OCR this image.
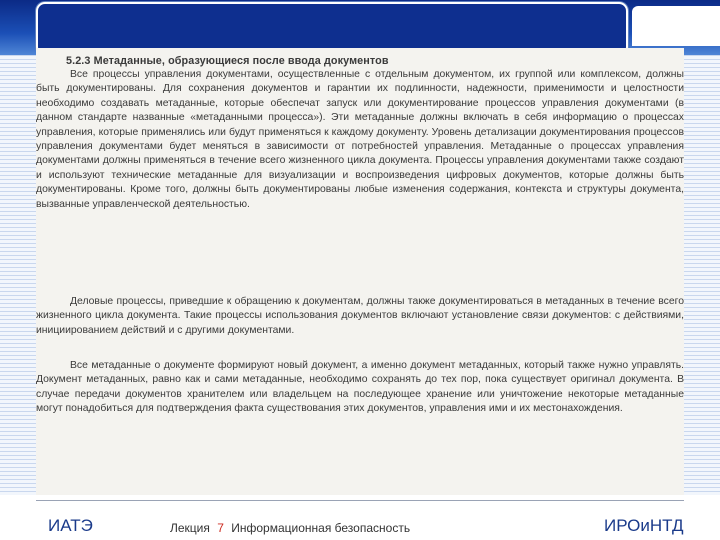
5.2.3 Метаданные, образующиеся после ввода документов

Все процессы управления документами, осуществленные с отдельным документом, их группой или комплексом, должны быть документированы. Для сохранения документов и гарантии их подлинности, надежности, применимости и целостности необходимо создавать метаданные, которые обеспечат запуск или документирование процессов управления документами (в данном стандарте названные «метаданными процесса»). Эти метаданные должны включать в себя информацию о процессах управления, которые применялись или будут применяться к каждому документу. Уровень детализации документирования процессов управления документами будет меняться в зависимости от потребностей управления. Метаданные о процессах управления документами должны применяться в течение всего жизненного цикла документа. Процессы управления документами также создают и используют технические метаданные для визуализации и воспроизведения цифровых документов, которые должны быть документированы. Кроме того, должны быть документированы любые изменения содержания, контекста и структуры документа, вызванные управленческой деятельностью.

Деловые процессы, приведшие к обращению к документам, должны также документироваться в метаданных в течение всего жизненного цикла документа. Такие процессы использования документов включают установление связи документов: с действиями, инициированием действий и с другими документами.

Все метаданные о документе формируют новый документ, а именно документ метаданных, который также нужно управлять. Документ метаданных, равно как и сами метаданные, необходимо сохранять до тех пор, пока существует оригинал документа. В случае передачи документов хранителем или владельцем на последующее хранение или уничтожение некоторые метаданные могут понадобиться для подтверждения факта существования этих документов, управления ими и их местонахождения.

ИАТЭ	Лекция 7 Информационная безопасность	ИРОиНТД
